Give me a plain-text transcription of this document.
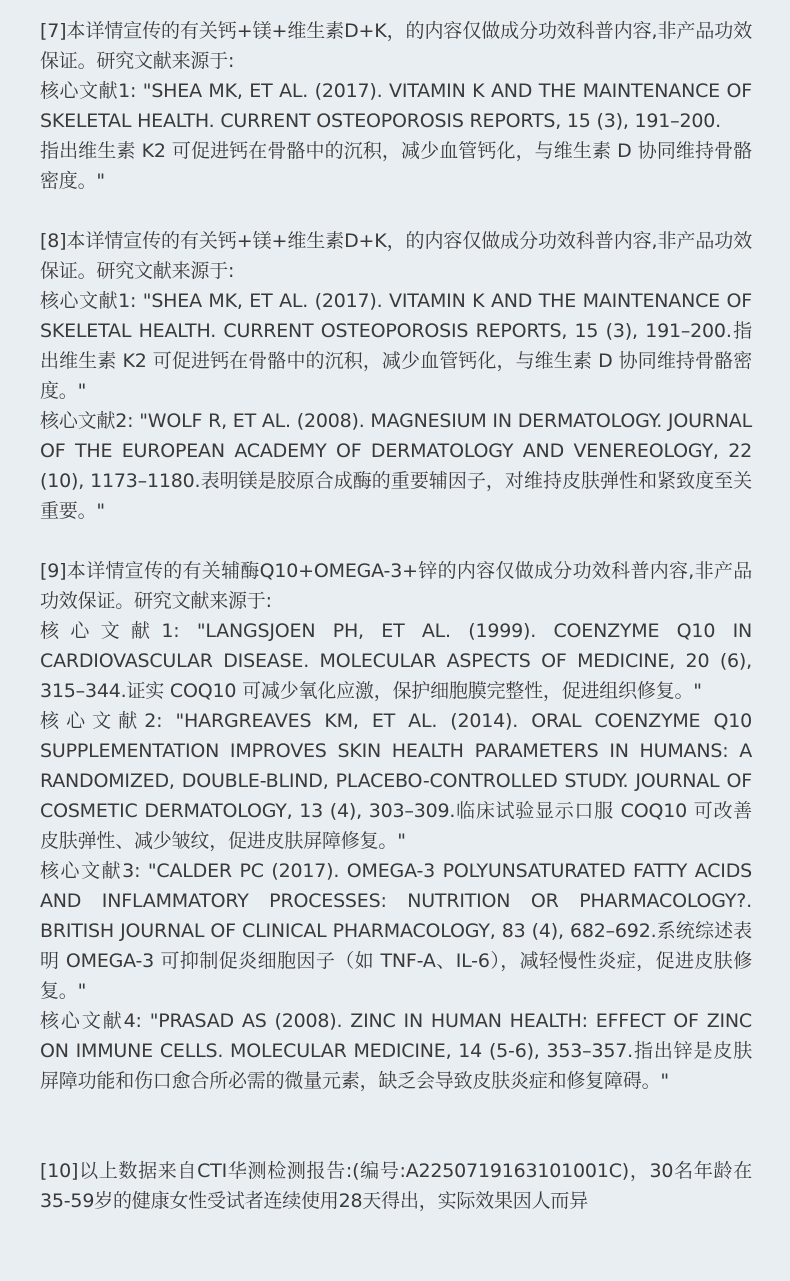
[7]本详情宣传的有关钙+镁+维生素D+K，的内容仅做成分功效科普内容,非产品功效保证。研究文献来源于:
核心文献1: "SHEA MK, ET AL. (2017). VITAMIN K AND THE MAINTENANCE OF SKELETAL HEALTH. CURRENT OSTEOPOROSIS REPORTS, 15 (3), 191–200.
指出维生素 K2 可促进钙在骨骼中的沉积，减少血管钙化，与维生素 D 协同维持骨骼密度。"
[8]本详情宣传的有关钙+镁+维生素D+K，的内容仅做成分功效科普内容,非产品功效保证。研究文献来源于:
核心文献1: "SHEA MK, ET AL. (2017). VITAMIN K AND THE MAINTENANCE OF SKELETAL HEALTH. CURRENT OSTEOPOROSIS REPORTS, 15 (3), 191–200.指出维生素 K2 可促进钙在骨骼中的沉积，减少血管钙化，与维生素 D 协同维持骨骼密度。"
核心文献2: "WOLF R, ET AL. (2008). MAGNESIUM IN DERMATOLOGY. JOURNAL OF THE EUROPEAN ACADEMY OF DERMATOLOGY AND VENEREOLOGY, 22 (10), 1173–1180.表明镁是胶原合成酶的重要辅因子，对维持皮肤弹性和紧致度至关重要。"
[9]本详情宣传的有关辅酶Q10+OMEGA-3+锌的内容仅做成分功效科普内容,非产品功效保证。研究文献来源于:
核心文献1: "LANGSJOEN PH, ET AL. (1999). COENZYME Q10 IN CARDIOVASCULAR DISEASE. MOLECULAR ASPECTS OF MEDICINE, 20 (6), 315–344.证实 COQ10 可减少氧化应激，保护细胞膜完整性，促进组织修复。"
核心文献2: "HARGREAVES KM, ET AL. (2014). ORAL COENZYME Q10 SUPPLEMENTATION IMPROVES SKIN HEALTH PARAMETERS IN HUMANS: A RANDOMIZED, DOUBLE-BLIND, PLACEBO-CONTROLLED STUDY. JOURNAL OF COSMETIC DERMATOLOGY, 13 (4), 303–309.临床试验显示口服 COQ10 可改善皮肤弹性、减少皱纹，促进皮肤屏障修复。"
核心文献3: "CALDER PC (2017). OMEGA-3 POLYUNSATURATED FATTY ACIDS AND INFLAMMATORY PROCESSES: NUTRITION OR PHARMACOLOGY?. BRITISH JOURNAL OF CLINICAL PHARMACOLOGY, 83 (4), 682–692.系统综述表明 OMEGA-3 可抑制促炎细胞因子（如 TNF-A、IL-6），减轻慢性炎症，促进皮肤修复。"
核心文献4: "PRASAD AS (2008). ZINC IN HUMAN HEALTH: EFFECT OF ZINC ON IMMUNE CELLS. MOLECULAR MEDICINE, 14 (5-6), 353–357.指出锌是皮肤屏障功能和伤口愈合所必需的微量元素，缺乏会导致皮肤炎症和修复障碍。"
[10]以上数据来自CTI华测检测报告:(编号:A2250719163101001C)，30名年龄在35-59岁的健康女性受试者连续使用28天得出，实际效果因人而异
